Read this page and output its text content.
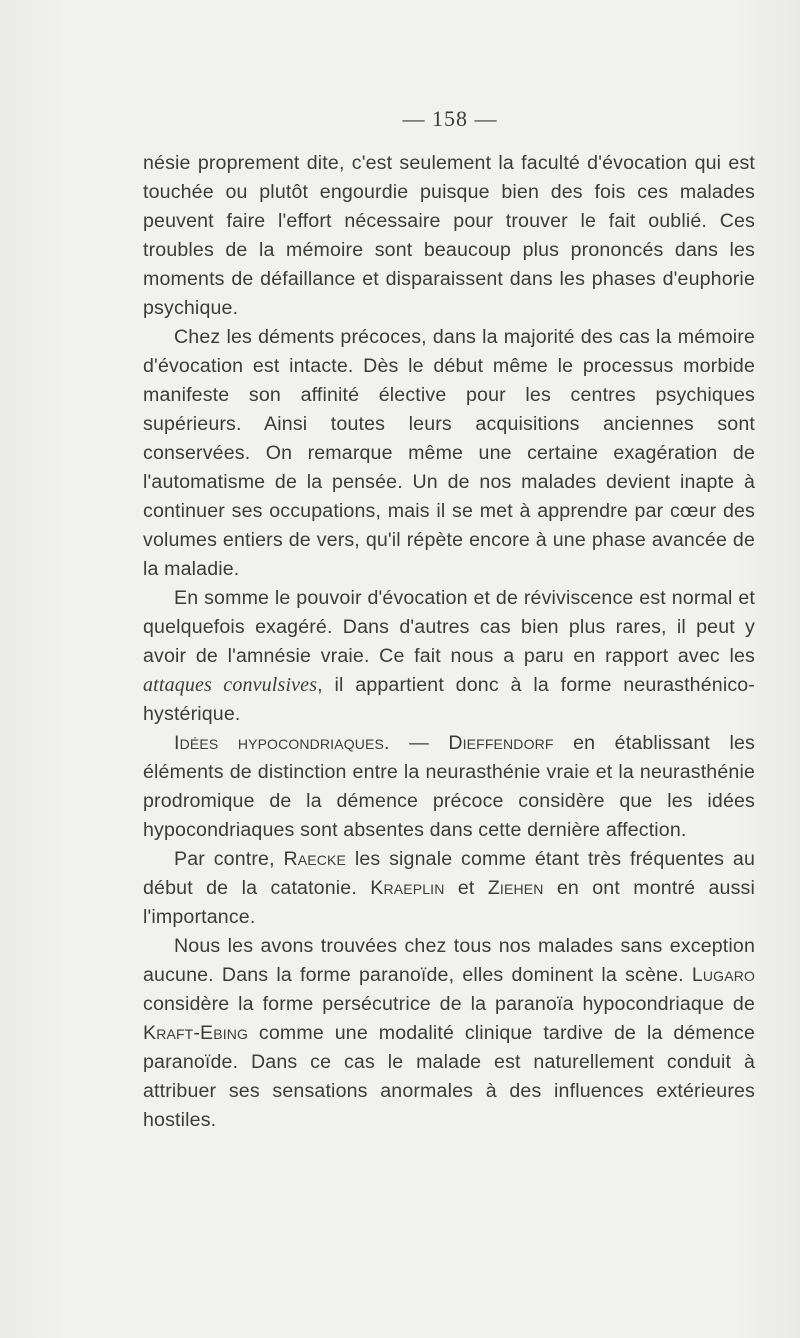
— 158 —

nésie proprement dite, c'est seulement la faculté d'évocation qui est touchée ou plutôt engourdie puisque bien des fois ces malades peuvent faire l'effort nécessaire pour trouver le fait oublié. Ces troubles de la mémoire sont beaucoup plus prononcés dans les moments de défaillance et disparaissent dans les phases d'euphorie psychique.

Chez les déments précoces, dans la majorité des cas la mémoire d'évocation est intacte. Dès le début même le processus morbide manifeste son affinité élective pour les centres psychiques supérieurs. Ainsi toutes leurs acquisitions anciennes sont conservées. On remarque même une certaine exagération de l'automatisme de la pensée. Un de nos malades devient inapte à continuer ses occupations, mais il se met à apprendre par cœur des volumes entiers de vers, qu'il répète encore à une phase avancée de la maladie.

En somme le pouvoir d'évocation et de réviviscence est normal et quelquefois exagéré. Dans d'autres cas bien plus rares, il peut y avoir de l'amnésie vraie. Ce fait nous a paru en rapport avec les attaques convulsives, il appartient donc à la forme neurasthénico-hystérique.

Idées hypocondriaques. — Dieffendorf en établissant les éléments de distinction entre la neurasthénie vraie et la neurasthénie prodromique de la démence précoce considère que les idées hypocondriaques sont absentes dans cette dernière affection.

Par contre, Raecke les signale comme étant très fréquentes au début de la catatonie. Kraeplin et Ziehen en ont montré aussi l'importance.

Nous les avons trouvées chez tous nos malades sans exception aucune. Dans la forme paranoïde, elles dominent la scène. Lugaro considère la forme persécutrice de la paranoïa hypocondriaque de Kraft-Ebing comme une modalité clinique tardive de la démence paranoïde. Dans ce cas le malade est naturellement conduit à attribuer ses sensations anormales à des influences extérieures hostiles.
